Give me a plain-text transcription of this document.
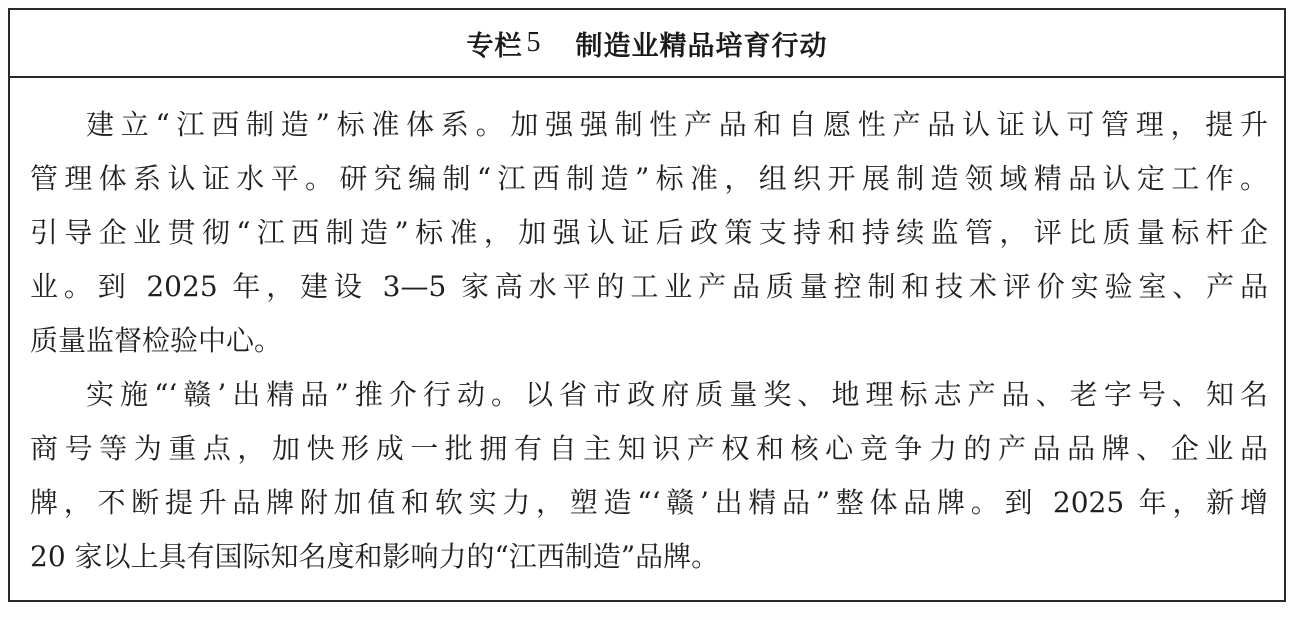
专栏 5 制造业精品培育行动
建立“江西制造”标准体系。加强强制性产品和自愿性产品认证认可管理，提升
管理体系认证水平。研究编制“江西制造”标准，组织开展制造领域精品认定工作。
引导企业贯彻“江西制造”标准，加强认证后政策支持和持续监管，评比质量标杆企
业。到 2025 年，建设 3—5 家高水平的工业产品质量控制和技术评价实验室、产品
质量监督检验中心。
实施“‘赣’出精品”推介行动。以省市政府质量奖、地理标志产品、老字号、知名
商号等为重点，加快形成一批拥有自主知识产权和核心竞争力的产品品牌、企业品
牌，不断提升品牌附加值和软实力，塑造“‘赣’出精品”整体品牌。到 2025 年，新增
20 家以上具有国际知名度和影响力的“江西制造”品牌。
